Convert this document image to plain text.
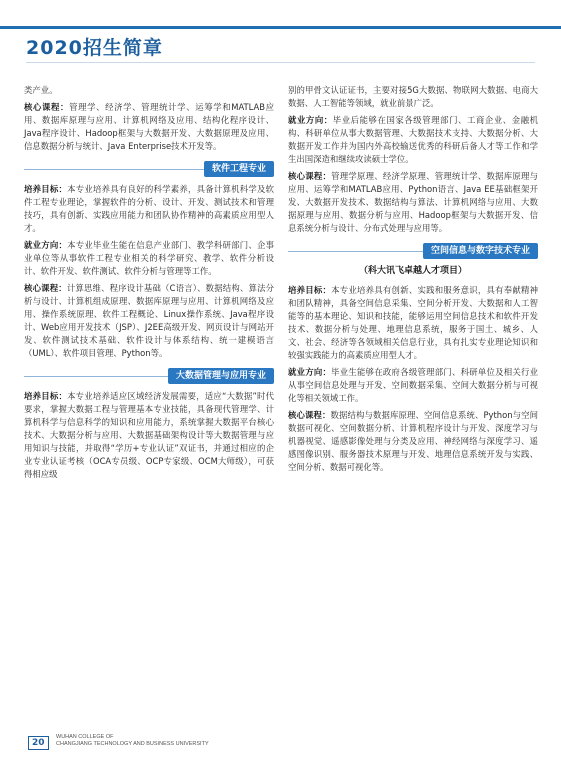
2020招生简章

类产业。

核心课程：管理学、经济学、管理统计学、运筹学和MATLAB应用、数据库原理与应用、计算机网络及应用、结构化程序设计、Java程序设计、Hadoop框架与大数据开发、大数据原理及应用、信息数据分析与统计、Java Enterprise技术开发等。

软件工程专业

培养目标：本专业培养具有良好的科学素养，具备计算机科学及软件工程专业理论，掌握软件的分析、设计、开发、测试技术和管理技巧，具有创新、实践应用能力和团队协作精神的高素质应用型人才。

就业方向：本专业毕业生能在信息产业部门、教学科研部门、企事业单位等从事软件工程专业相关的科学研究、教学、软件分析设计、软件开发、软件测试、软件分析与管理等工作。

核心课程：计算思维、程序设计基础（C语言）、数据结构、算法分析与设计、计算机组成原理、数据库原理与应用、计算机网络及应用、操作系统原理、软件工程概论、Linux操作系统、Java程序设计、Web应用开发技术（JSP）、J2EE高级开发、网页设计与网站开发、软件测试技术基础、软件设计与体系结构、统一建模语言（UML）、软件项目管理、Python等。

大数据管理与应用专业

培养目标：本专业培养适应区域经济发展需要，适应“大数据”时代要求，掌握大数据工程与管理基本专业技能，具备现代管理学、计算机科学与信息科学的知识和应用能力，系统掌握大数据平台核心技术、大数据分析与应用、大数据基础架构设计等大数据管理与应用知识与技能，并取得“学历+专业认证”双证书，并通过相应的企业专业认证考核（OCA专员级、OCP专家级、OCM大师级），可获得相应级

别的甲骨文认证证书，主要对接5G大数据、物联网大数据、电商大数据、人工智能等领域，就业前景广泛。

就业方向：毕业后能够在国家各级管理部门、工商企业、金融机构、科研单位从事大数据管理、大数据技术支持、大数据分析、大数据开发工作并为国内外高校输送优秀的科研后备人才等工作和学生出国深造和继续攻读硕士学位。

核心课程：管理学原理、经济学原理、管理统计学、数据库原理与应用、运筹学和MATLAB应用、Python语言、Java EE基础框架开发、大数据开发技术、数据结构与算法、计算机网络与应用、大数据原理与应用、数据分析与应用、Hadoop框架与大数据开发、信息系统分析与设计、分布式处理与应用等。

空间信息与数字技术专业
（科大讯飞卓越人才项目）

培养目标：本专业培养具有创新、实践和服务意识，具有奉献精神和团队精神，具备空间信息采集、空间分析开发、大数据和人工智能等的基本理论、知识和技能，能够运用空间信息技术和软件开发技术、数据分析与处理、地理信息系统，服务于国土、城乡、人文、社会、经济等各领域相关信息行业，具有扎实专业理论知识和较强实践能力的高素质应用型人才。

就业方向：毕业生能够在政府各级管理部门、科研单位及相关行业从事空间信息处理与开发、空间数据采集、空间大数据分析与可视化等相关领域工作。

核心课程：数据结构与数据库原理、空间信息系统、Python与空间数据可视化、空间数据分析、计算机程序设计与开发、深度学习与机器视觉、遥感影像处理与分类及应用、神经网络与深度学习、遥感图像识别、服务器技术原理与开发、地理信息系统开发与实践、空间分析、数据可视化等。

20
WUHAN COLLEGE OF
CHANGJIANG TECHNOLOGY AND BUSINESS UNIVERSITY
